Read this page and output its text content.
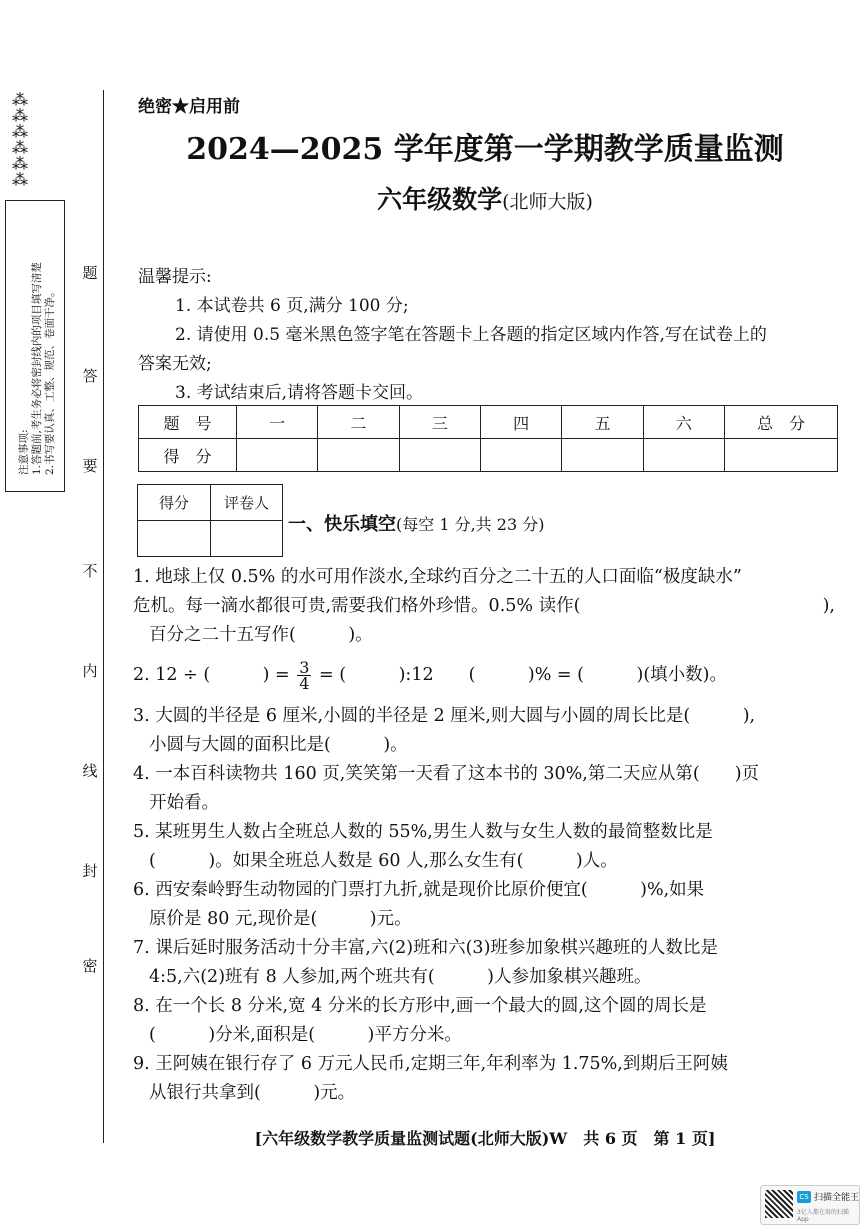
⁂
⁂
⁂
⁂
⁂
⁂
注意事项: 1.答题前,考生务必将密封线内的项目填写清楚 2.书写要认真、工整、规范、卷面干净。
题
答
要
不
内
线
封
密
绝密★启用前
2024—2025 学年度第一学期教学质量监测
六年级数学(北师大版)
温馨提示:
1. 本试卷共 6 页,满分 100 分;
2. 请使用 0.5 毫米黑色签字笔在答题卡上各题的指定区域内作答,写在试卷上的
答案无效;
3. 考试结束后,请将答题卡交回。
题　号	一	二	三	四	五	六	总　分
得　分							
得分	评卷人

一、快乐填空(每空 1 分,共 23 分)
1. 地球上仅 0.5% 的水可用作淡水,全球约百分之二十五的人口面临“极度缺水”
危机。每一滴水都很可贵,需要我们格外珍惜。0.5% 读作(	),
百分之二十五写作(　　　)。
2. 12 ÷ (　　　) = $\frac{3}{4}$ = (　　　):12　　(　　　)% = (　　　)(填小数)。
3. 大圆的半径是 6 厘米,小圆的半径是 2 厘米,则大圆与小圆的周长比是(　　　),
小圆与大圆的面积比是(　　　)。
4. 一本百科读物共 160 页,笑笑第一天看了这本书的 30%,第二天应从第(　　)页
开始看。
5. 某班男生人数占全班总人数的 55%,男生人数与女生人数的最简整数比是
(　　　)。如果全班总人数是 60 人,那么女生有(　　　)人。
6. 西安秦岭野生动物园的门票打九折,就是现价比原价便宜(　　　)%,如果
原价是 80 元,现价是(　　　)元。
7. 课后延时服务活动十分丰富,六(2)班和六(3)班参加象棋兴趣班的人数比是
4:5,六(2)班有 8 人参加,两个班共有(　　　)人参加象棋兴趣班。
8. 在一个长 8 分米,宽 4 分米的长方形中,画一个最大的圆,这个圆的周长是
(　　　)分米,面积是(　　　)平方分米。
9. 王阿姨在银行存了 6 万元人民币,定期三年,年利率为 1.75%,到期后王阿姨
从银行共拿到(　　　)元。
[六年级数学教学质量监测试题(北师大版)W　共 6 页　第 1 页]
CS 扫描全能王
3亿人都在用的扫描App
